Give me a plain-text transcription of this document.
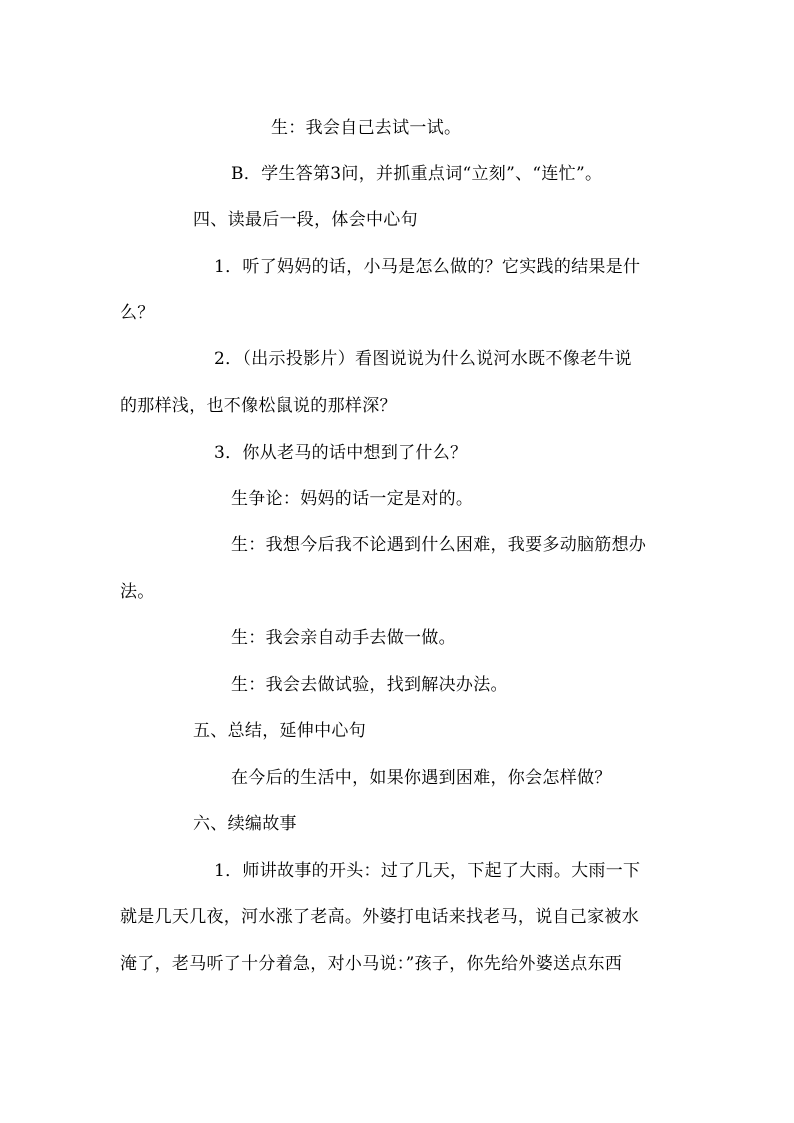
生：我会自己去试一试。

B．学生答第3问，并抓重点词“立刻”、“连忙”。

四、读最后一段，体会中心句

1．听了妈妈的话，小马是怎么做的？它实践的结果是什

么？

2．（出示投影片）看图说说为什么说河水既不像老牛说

的那样浅，也不像松鼠说的那样深？

3．你从老马的话中想到了什么？

生争论：妈妈的话一定是对的。

生：我想今后我不论遇到什么困难，我要多动脑筋想办

法。

生：我会亲自动手去做一做。

生：我会去做试验，找到解决办法。

五、总结，延伸中心句

在今后的生活中，如果你遇到困难，你会怎样做？

六、续编故事

1．师讲故事的开头：过了几天，下起了大雨。大雨一下

就是几天几夜，河水涨了老高。外婆打电话来找老马，说自己家被水

淹了，老马听了十分着急，对小马说：”孩子，你先给外婆送点东西
